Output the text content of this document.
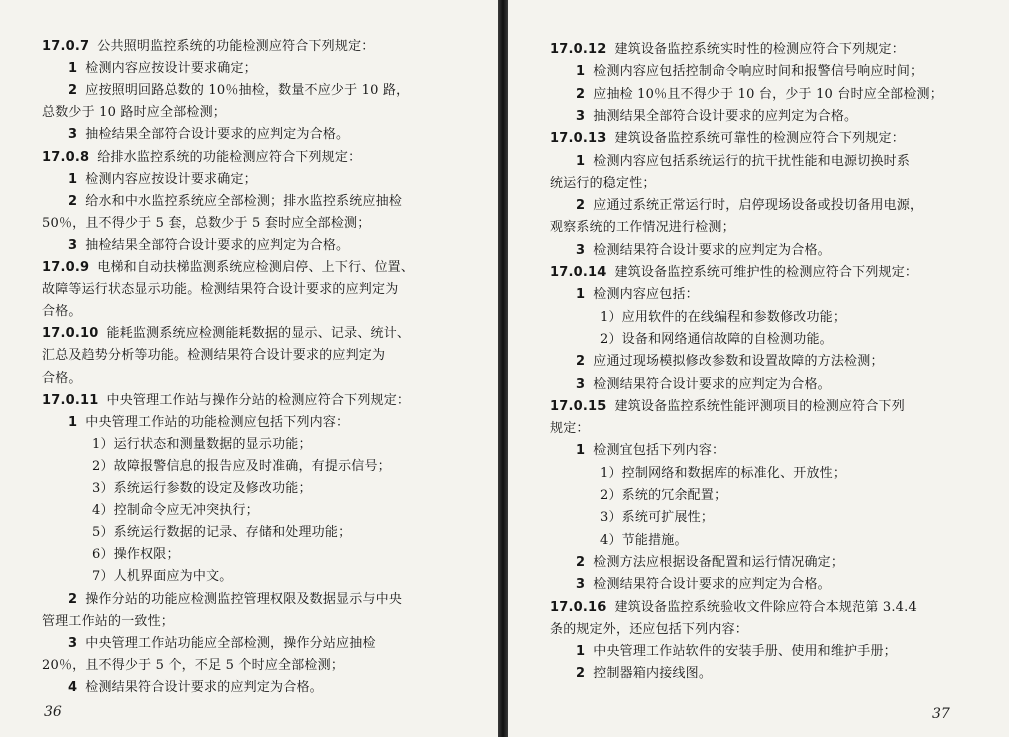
36
17.0.7 公共照明监控系统的功能检测应符合下列规定：
1 检测内容应按设计要求确定；
2 应按照明回路总数的 10％抽检，数量不应少于 10 路，
总数少于 10 路时应全部检测；
3 抽检结果全部符合设计要求的应判定为合格。
17.0.8 给排水监控系统的功能检测应符合下列规定：
1 检测内容应按设计要求确定；
2 给水和中水监控系统应全部检测；排水监控系统应抽检
50％，且不得少于 5 套，总数少于 5 套时应全部检测；
3 抽检结果全部符合设计要求的应判定为合格。
17.0.9 电梯和自动扶梯监测系统应检测启停、上下行、位置、
故障等运行状态显示功能。检测结果符合设计要求的应判定为
合格。
17.0.10 能耗监测系统应检测能耗数据的显示、记录、统计、
汇总及趋势分析等功能。检测结果符合设计要求的应判定为
合格。
17.0.11 中央管理工作站与操作分站的检测应符合下列规定：
1 中央管理工作站的功能检测应包括下列内容：
1）运行状态和测量数据的显示功能；
2）故障报警信息的报告应及时准确，有提示信号；
3）系统运行参数的设定及修改功能；
4）控制命令应无冲突执行；
5）系统运行数据的记录、存储和处理功能；
6）操作权限；
7）人机界面应为中文。
2 操作分站的功能应检测监控管理权限及数据显示与中央
管理工作站的一致性；
3 中央管理工作站功能应全部检测，操作分站应抽检
20％，且不得少于 5 个，不足 5 个时应全部检测；
4 检测结果符合设计要求的应判定为合格。
37
17.0.12 建筑设备监控系统实时性的检测应符合下列规定：
1 检测内容应包括控制命令响应时间和报警信号响应时间；
2 应抽检 10％且不得少于 10 台，少于 10 台时应全部检测；
3 抽测结果全部符合设计要求的应判定为合格。
17.0.13 建筑设备监控系统可靠性的检测应符合下列规定：
1 检测内容应包括系统运行的抗干扰性能和电源切换时系
统运行的稳定性；
2 应通过系统正常运行时，启停现场设备或投切备用电源，
观察系统的工作情况进行检测；
3 检测结果符合设计要求的应判定为合格。
17.0.14 建筑设备监控系统可维护性的检测应符合下列规定：
1 检测内容应包括：
1）应用软件的在线编程和参数修改功能；
2）设备和网络通信故障的自检测功能。
2 应通过现场模拟修改参数和设置故障的方法检测；
3 检测结果符合设计要求的应判定为合格。
17.0.15 建筑设备监控系统性能评测项目的检测应符合下列
规定：
1 检测宜包括下列内容：
1）控制网络和数据库的标准化、开放性；
2）系统的冗余配置；
3）系统可扩展性；
4）节能措施。
2 检测方法应根据设备配置和运行情况确定；
3 检测结果符合设计要求的应判定为合格。
17.0.16 建筑设备监控系统验收文件除应符合本规范第 3.4.4
条的规定外，还应包括下列内容：
1 中央管理工作站软件的安装手册、使用和维护手册；
2 控制器箱内接线图。
